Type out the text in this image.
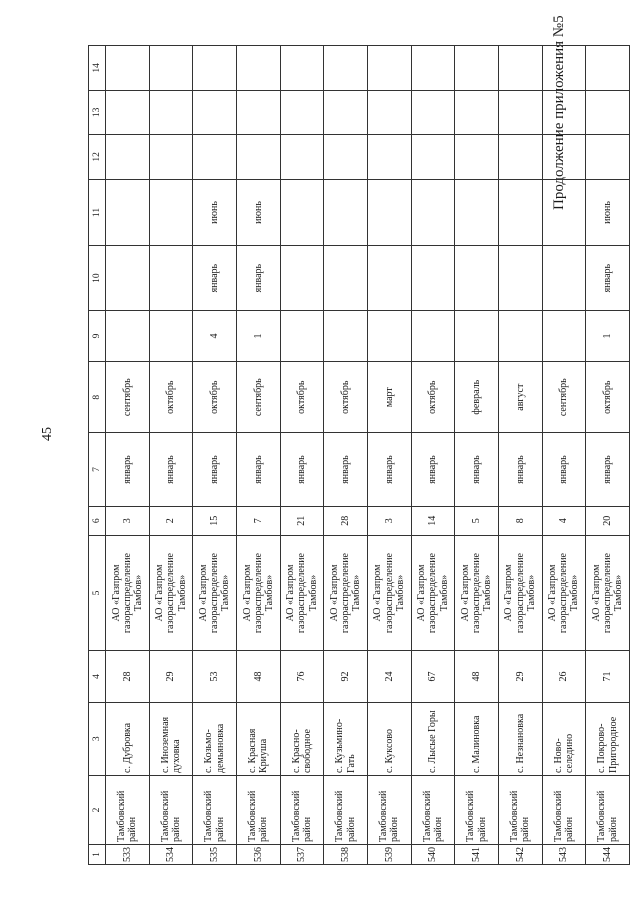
45
Продолжение приложения №5
1	2	3	4	5	6	7	8	9	10	11	12	13	14
533	Тамбовский район	с. Дубровка	28	АО «Газпром газораспределение Тамбов»	3	январь	сентябрь						
534	Тамбовский район	с. Иноземная духовка	29	АО «Газпром газораспределение Тамбов»	2	январь	октябрь						
535	Тамбовский район	с. Козьмо-демьяновка	53	АО «Газпром газораспределение Тамбов»	15	январь	октябрь	4	январь	июнь			
536	Тамбовский район	с. Красная Криуша	48	АО «Газпром газораспределение Тамбов»	7	январь	сентябрь	1	январь	июнь			
537	Тамбовский район	с. Красно-свободное	76	АО «Газпром газораспределение Тамбов»	21	январь	октябрь						
538	Тамбовский район	с. Кузьмино-Гать	92	АО «Газпром газораспределение Тамбов»	28	январь	октябрь						
539	Тамбовский район	с. Куксово	24	АО «Газпром газораспределение Тамбов»	3	январь	март						
540	Тамбовский район	с. Лысые Горы	67	АО «Газпром газораспределение Тамбов»	14	январь	октябрь						
541	Тамбовский район	с. Малиновка	48	АО «Газпром газораспределение Тамбов»	5	январь	февраль						
542	Тамбовский район	с. Незнановка	29	АО «Газпром газораспределение Тамбов»	8	январь	август						
543	Тамбовский район	с. Ново-селедино	26	АО «Газпром газораспределение Тамбов»	4	январь	сентябрь						
544	Тамбовский район	с. Покрово-Пригородное	71	АО «Газпром газораспределение Тамбов»	20	январь	октябрь	1	январь	июнь			
